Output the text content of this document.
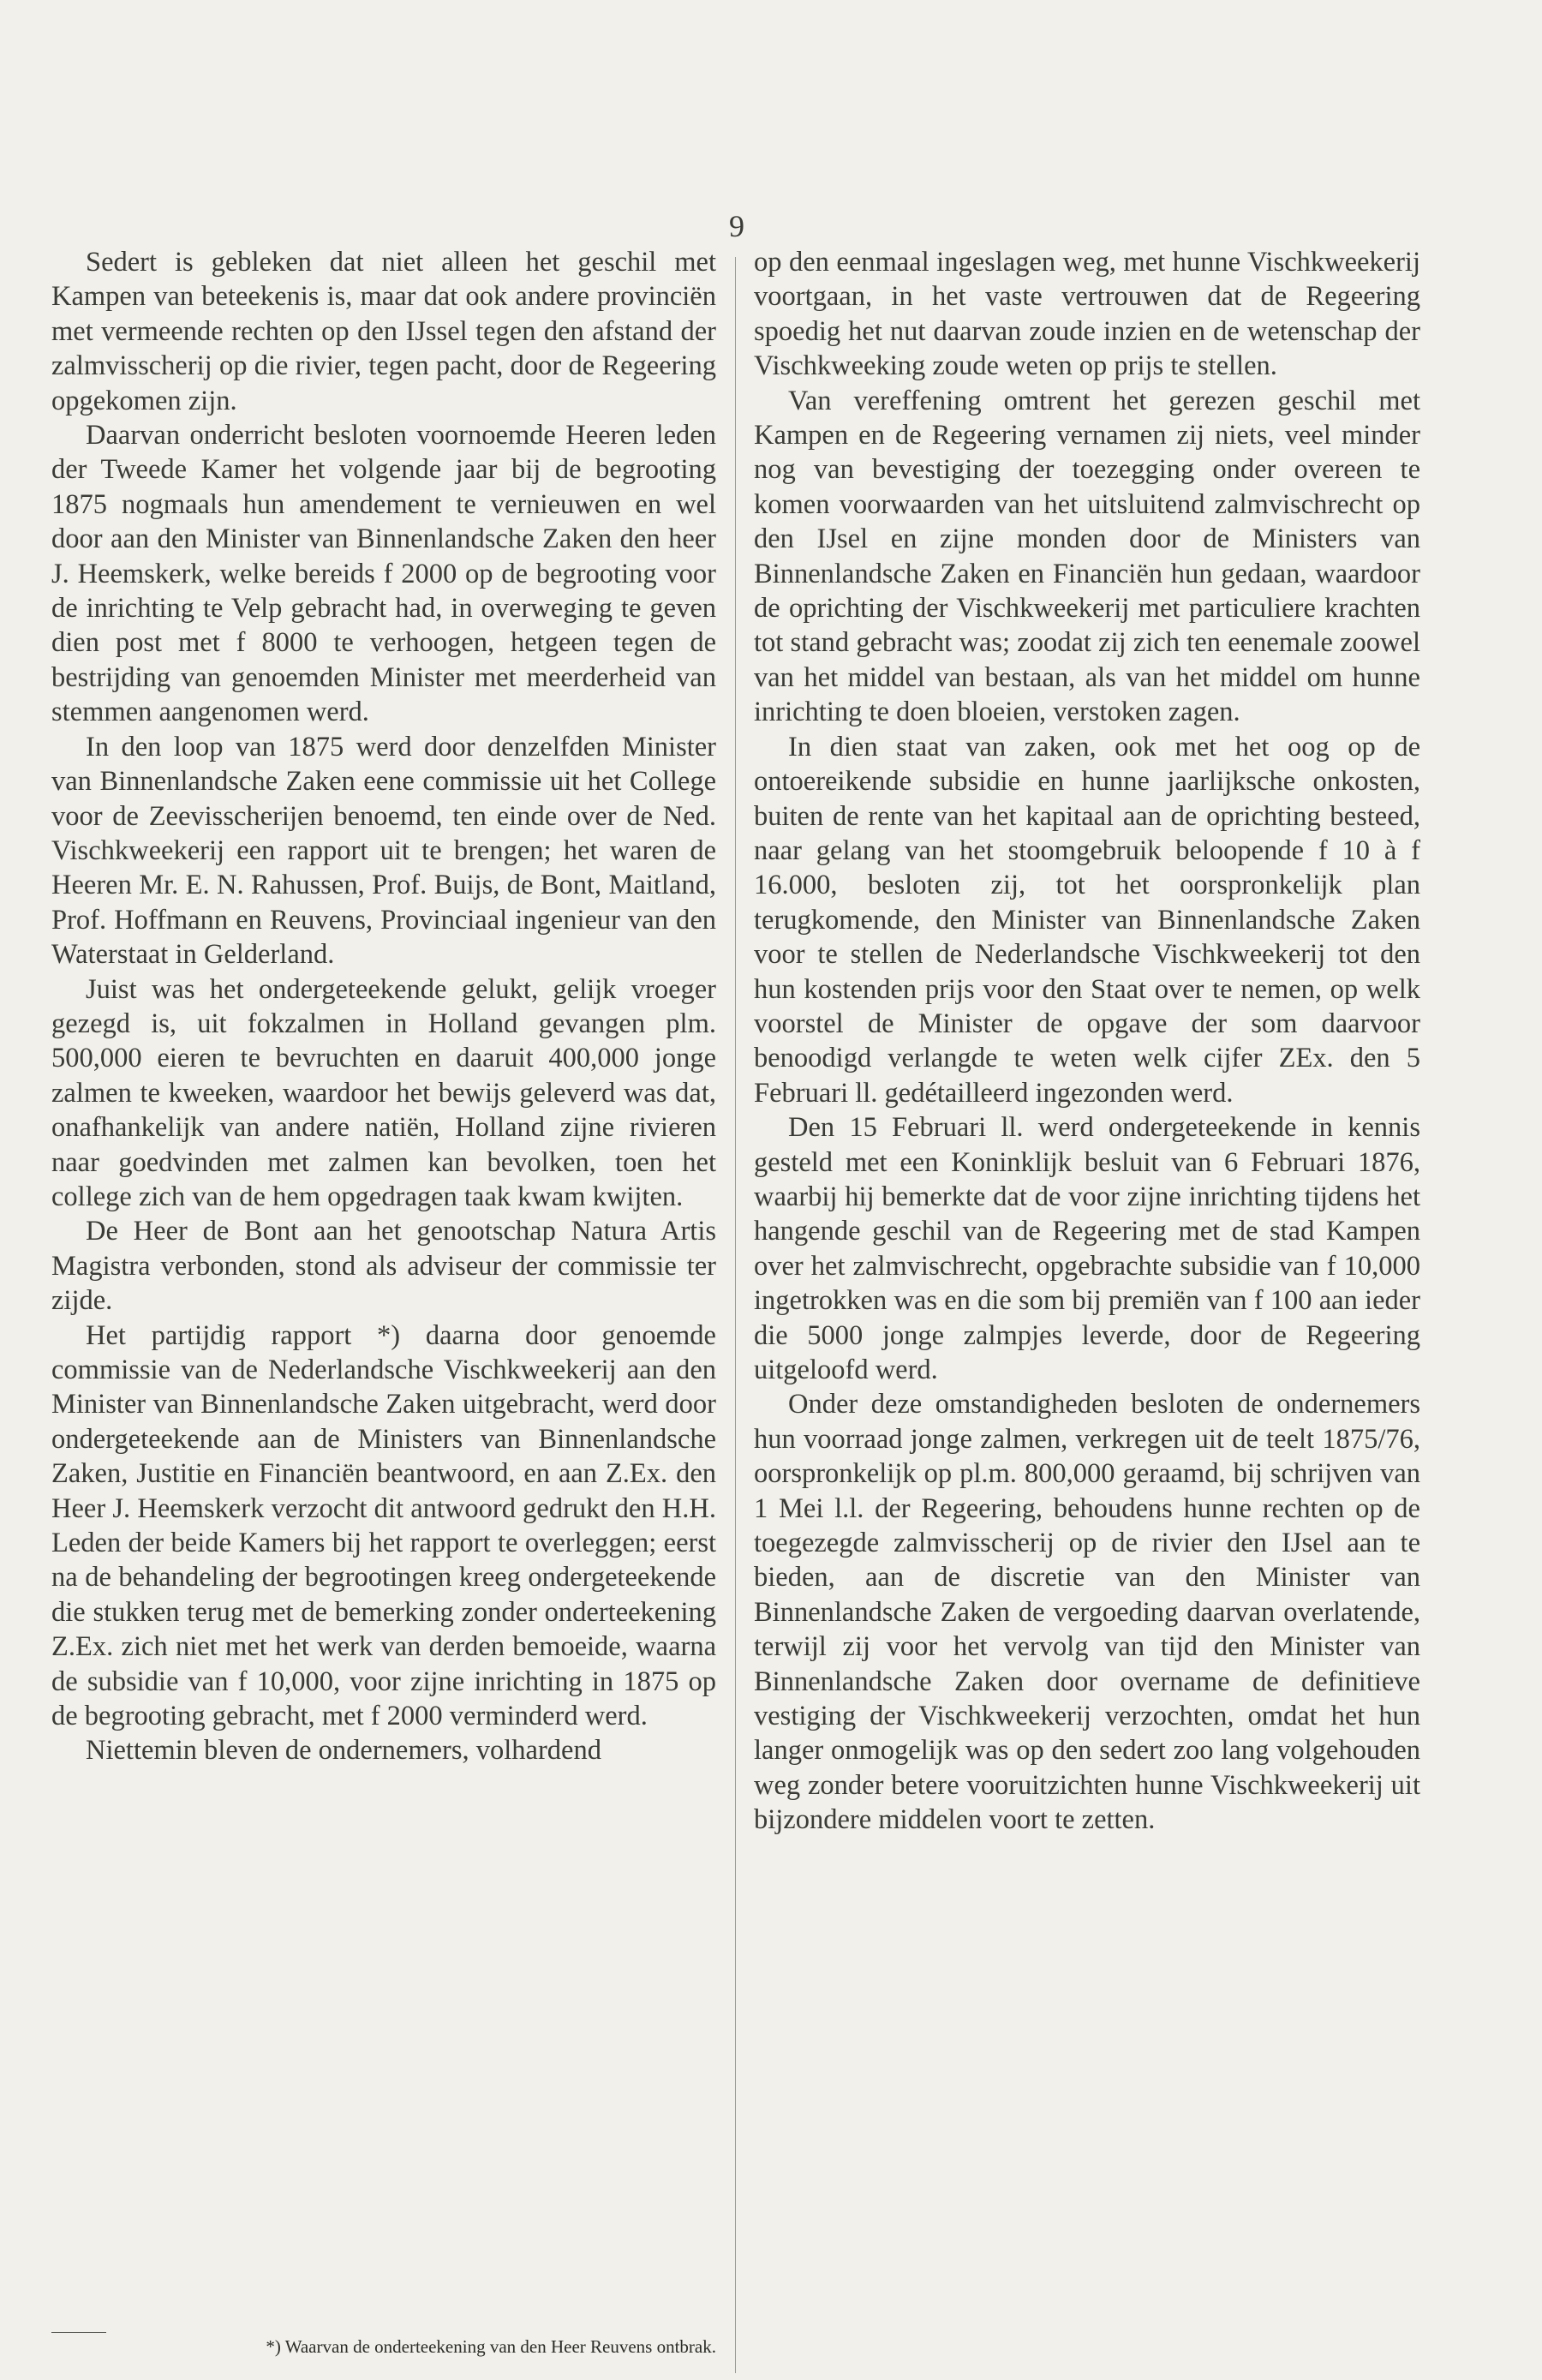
9

Sedert is gebleken dat niet alleen het geschil met Kampen van beteekenis is, maar dat ook andere provinciën met vermeende rechten op den IJssel tegen den afstand der zalmvisscherij op die rivier, tegen pacht, door de Regeering opgekomen zijn.

Daarvan onderricht besloten voornoemde Heeren leden der Tweede Kamer het volgende jaar bij de begrooting 1875 nogmaals hun amendement te vernieuwen en wel door aan den Minister van Binnenlandsche Zaken den heer J. Heemskerk, welke bereids f 2000 op de begrooting voor de inrichting te Velp gebracht had, in overweging te geven dien post met f 8000 te verhoogen, hetgeen tegen de bestrijding van genoemden Minister met meerderheid van stemmen aangenomen werd.

In den loop van 1875 werd door denzelfden Minister van Binnenlandsche Zaken eene commissie uit het College voor de Zeevisscherijen benoemd, ten einde over de Ned. Vischkweekerij een rapport uit te brengen; het waren de Heeren Mr. E. N. Rahussen, Prof. Buijs, de Bont, Maitland, Prof. Hoffmann en Reuvens, Provinciaal ingenieur van den Waterstaat in Gelderland.

Juist was het ondergeteekende gelukt, gelijk vroeger gezegd is, uit fokzalmen in Holland gevangen plm. 500,000 eieren te bevruchten en daaruit 400,000 jonge zalmen te kweeken, waardoor het bewijs geleverd was dat, onafhankelijk van andere natiën, Holland zijne rivieren naar goedvinden met zalmen kan bevolken, toen het college zich van de hem opgedragen taak kwam kwijten.

De Heer de Bont aan het genootschap Natura Artis Magistra verbonden, stond als adviseur der commissie ter zijde.

Het partijdig rapport *) daarna door genoemde commissie van de Nederlandsche Vischkweekerij aan den Minister van Binnenlandsche Zaken uitgebracht, werd door ondergeteekende aan de Ministers van Binnenlandsche Zaken, Justitie en Financiën beantwoord, en aan Z.Ex. den Heer J. Heemskerk verzocht dit antwoord gedrukt den H.H. Leden der beide Kamers bij het rapport te overleggen; eerst na de behandeling der begrootingen kreeg ondergeteekende die stukken terug met de bemerking zonder onderteekening Z.Ex. zich niet met het werk van derden bemoeide, waarna de subsidie van f 10,000, voor zijne inrichting in 1875 op de begrooting gebracht, met f 2000 verminderd werd.

Niettemin bleven de ondernemers, volhardend

op den eenmaal ingeslagen weg, met hunne Vischkweekerij voortgaan, in het vaste vertrouwen dat de Regeering spoedig het nut daarvan zoude inzien en de wetenschap der Vischkweeking zoude weten op prijs te stellen.

Van vereffening omtrent het gerezen geschil met Kampen en de Regeering vernamen zij niets, veel minder nog van bevestiging der toezegging onder overeen te komen voorwaarden van het uitsluitend zalmvischrecht op den IJsel en zijne monden door de Ministers van Binnenlandsche Zaken en Financiën hun gedaan, waardoor de oprichting der Vischkweekerij met particuliere krachten tot stand gebracht was; zoodat zij zich ten eenemale zoowel van het middel van bestaan, als van het middel om hunne inrichting te doen bloeien, verstoken zagen.

In dien staat van zaken, ook met het oog op de ontoereikende subsidie en hunne jaarlijksche onkosten, buiten de rente van het kapitaal aan de oprichting besteed, naar gelang van het stoomgebruik beloopende f 10 à f 16.000, besloten zij, tot het oorspronkelijk plan terugkomende, den Minister van Binnenlandsche Zaken voor te stellen de Nederlandsche Vischkweekerij tot den hun kostenden prijs voor den Staat over te nemen, op welk voorstel de Minister de opgave der som daarvoor benoodigd verlangde te weten welk cijfer ZEx. den 5 Februari ll. gedétailleerd ingezonden werd.

Den 15 Februari ll. werd ondergeteekende in kennis gesteld met een Koninklijk besluit van 6 Februari 1876, waarbij hij bemerkte dat de voor zijne inrichting tijdens het hangende geschil van de Regeering met de stad Kampen over het zalmvischrecht, opgebrachte subsidie van f 10,000 ingetrokken was en die som bij premiën van f 100 aan ieder die 5000 jonge zalmpjes leverde, door de Regeering uitgeloofd werd.

Onder deze omstandigheden besloten de ondernemers hun voorraad jonge zalmen, verkregen uit de teelt 1875/76, oorspronkelijk op pl.m. 800,000 geraamd, bij schrijven van 1 Mei l.l. der Regeering, behoudens hunne rechten op de toegezegde zalmvisscherij op de rivier den IJsel aan te bieden, aan de discretie van den Minister van Binnenlandsche Zaken de vergoeding daarvan overlatende, terwijl zij voor het vervolg van tijd den Minister van Binnenlandsche Zaken door overname de definitieve vestiging der Vischkweekerij verzochten, omdat het hun langer onmogelijk was op den sedert zoo lang volgehouden weg zonder betere vooruitzichten hunne Vischkweekerij uit bijzondere middelen voort te zetten.

*) Waarvan de onderteekening van den Heer Reuvens ontbrak.
